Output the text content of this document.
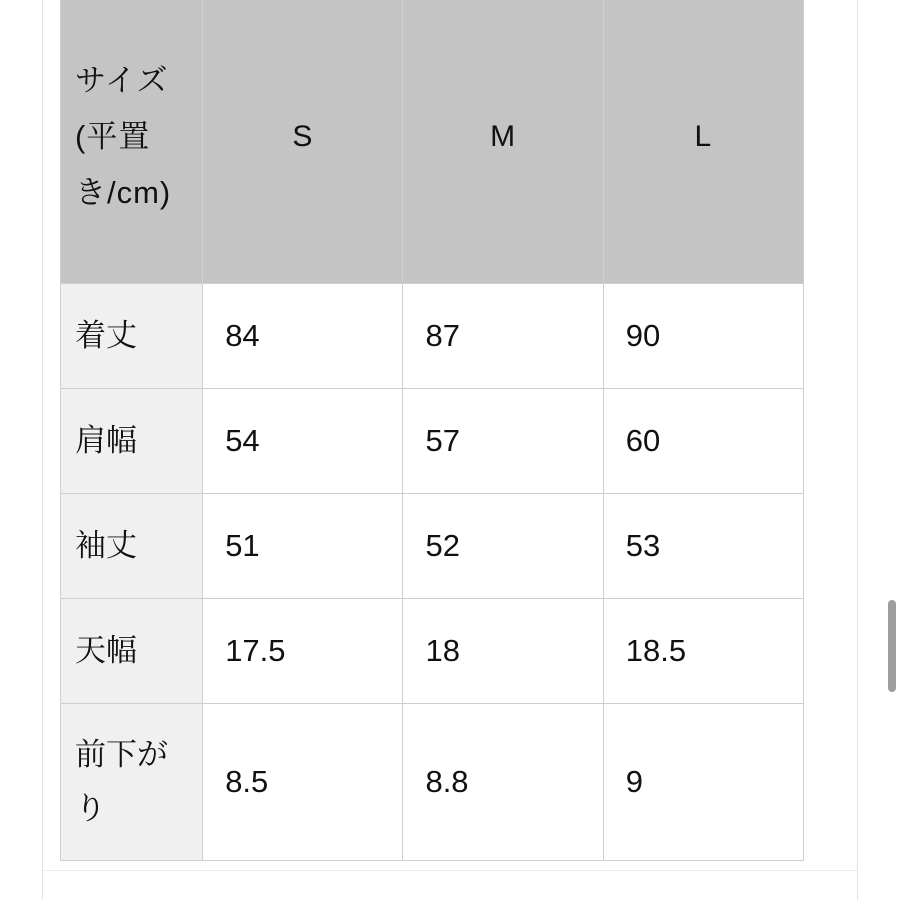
サイズ(平置き/cm)	S	M	L
着丈	84	87	90
肩幅	54	57	60
袖丈	51	52	53
天幅	17.5	18	18.5
前下がり	8.5	8.8	9
